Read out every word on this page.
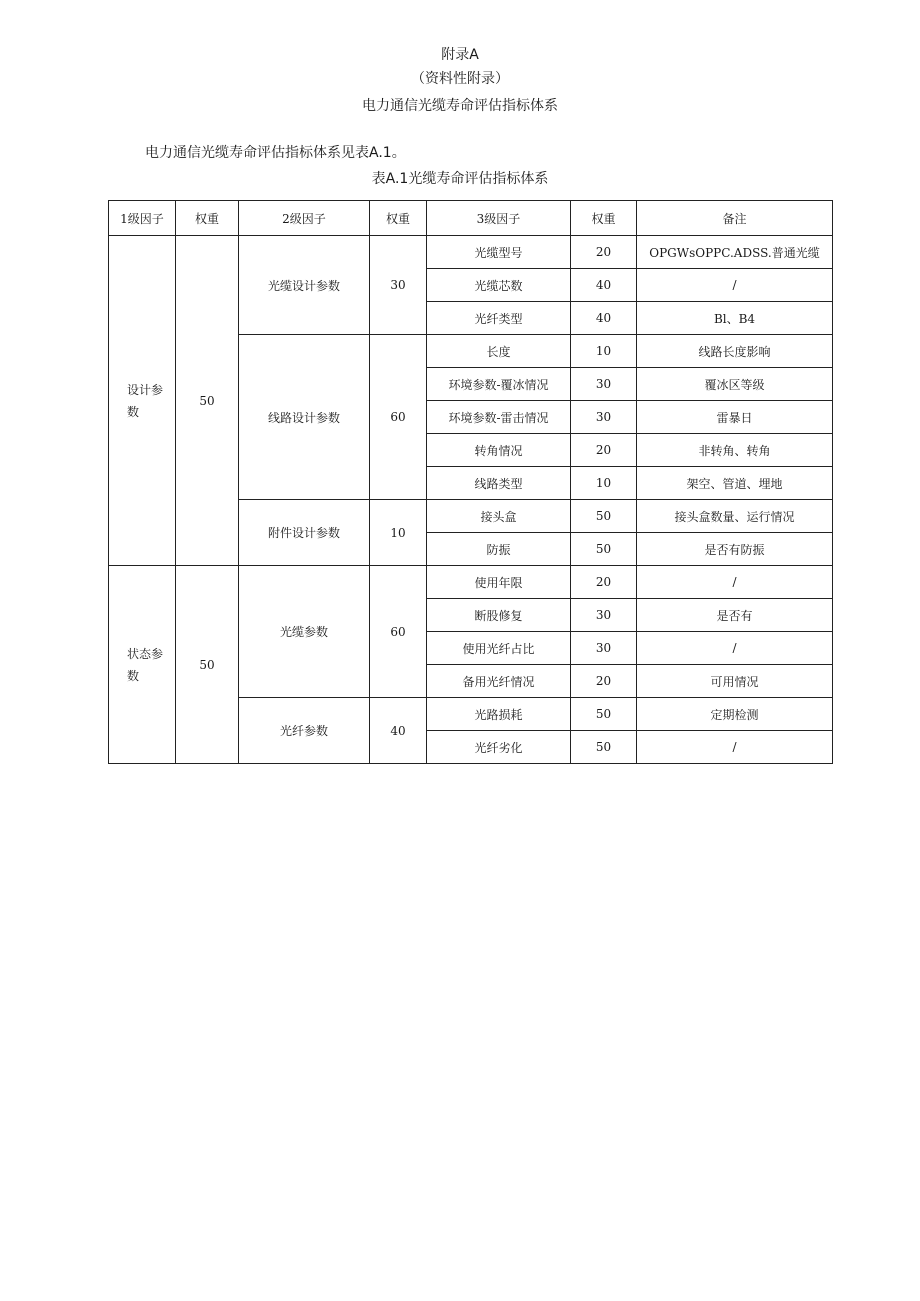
附录A
（资料性附录）
电力通信光缆寿命评估指标体系
电力通信光缆寿命评估指标体系见表A.1。
表A.1光缆寿命评估指标体系
1级因子	权重	2级因子	权重	3级因子	权重	备注
设计参数	50	光缆设计参数	30	光缆型号	20	OPGWsOPPC.ADSS.普通光缆
				光缆芯数	40	/
				光纤类型	40	Bl、B4
		线路设计参数	60	长度	10	线路长度影响
				环境参数-覆冰情况	30	覆冰区等级
				环境参数-雷击情况	30	雷暴日
				转角情况	20	非转角、转角
				线路类型	10	架空、管道、埋地
		附件设计参数	10	接头盒	50	接头盒数量、运行情况
				防振	50	是否有防振
状态参数	50	光缆参数	60	使用年限	20	/
				断股修复	30	是否有
				使用光纤占比	30	/
				备用光纤情况	20	可用情况
		光纤参数	40	光路损耗	50	定期检测
				光纤劣化	50	/
